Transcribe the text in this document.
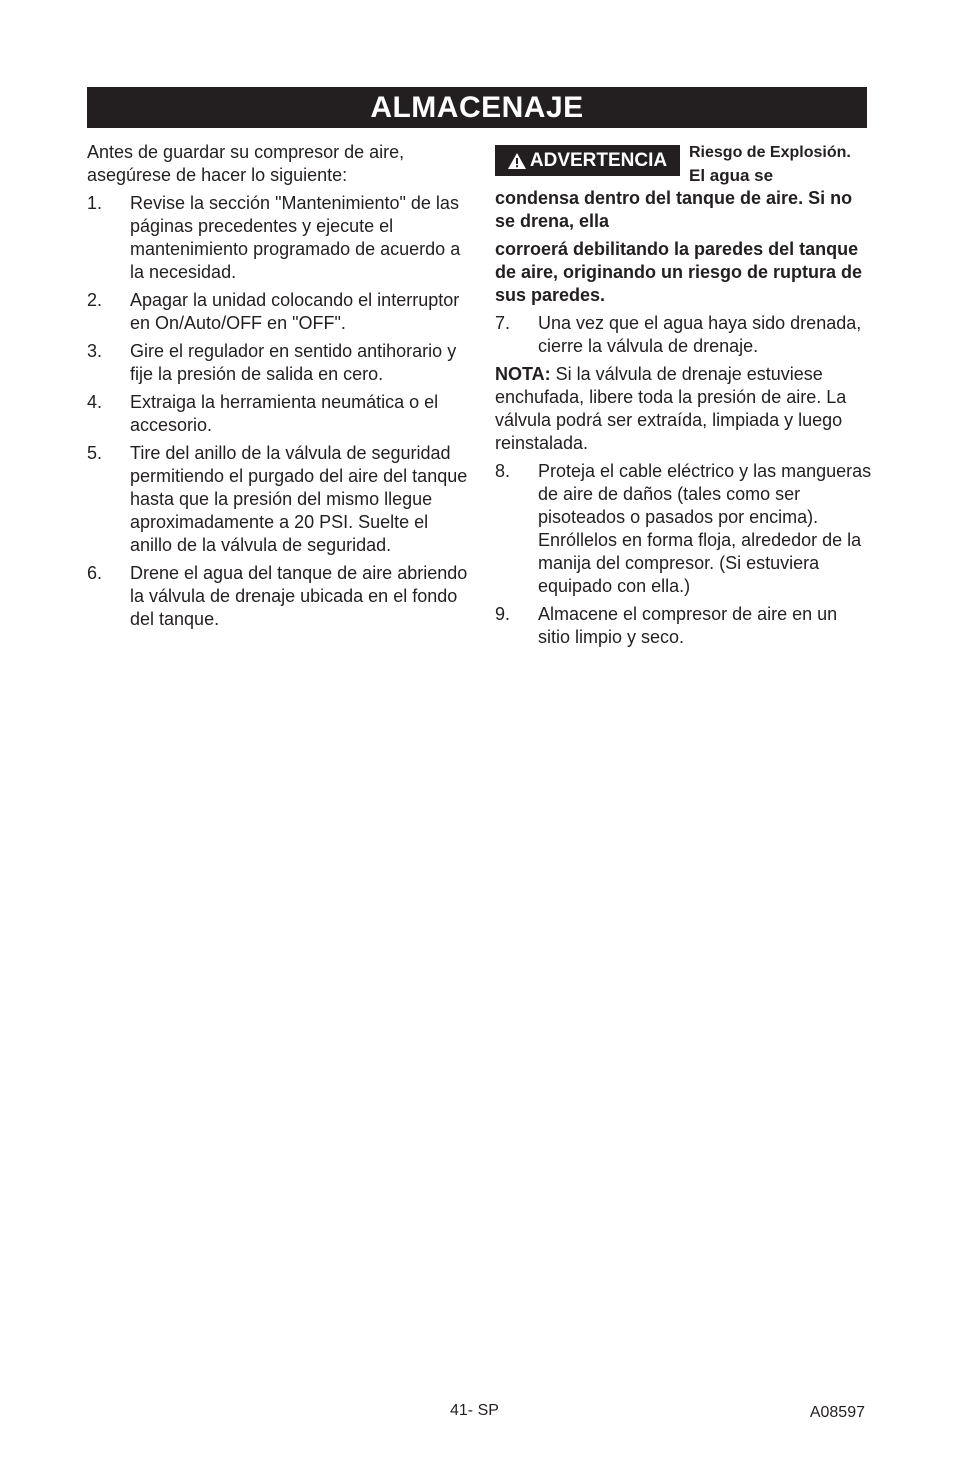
ALMACENAJE

Antes de guardar su compresor de aire, asegúrese de hacer lo siguiente:

1.	Revise la sección "Mantenimiento" de las páginas precedentes y ejecute el mantenimiento programado de acuerdo a la necesidad.
2.	Apagar la unidad colocando el interruptor en On/Auto/OFF en "OFF".
3.	Gire el regulador en sentido antihorario y fije la presión de salida en cero.
4.	Extraiga la herramienta neumática o el accesorio.
5.	Tire del anillo de la válvula de seguridad permitiendo el purgado del aire del tanque hasta que la presión del mismo llegue aproximadamente a 20 PSI. Suelte el anillo de la válvula de seguridad.
6.	Drene el agua del tanque de aire abriendo la válvula de drenaje ubicada en el fondo del tanque.
ADVERTENCIA Riesgo de Explosión.
El agua se

condensa dentro del tanque de aire. Si no se drena, ella

corroerá debilitando la paredes del tanque de aire, originando un riesgo de ruptura de sus paredes.

7.	Una vez que el agua haya sido drenada, cierre la válvula de drenaje.

NOTA: Si la válvula de drenaje estuviese enchufada, libere toda la presión de aire. La válvula podrá ser extraída, limpiada y luego reinstalada.

8.	Proteja el cable eléctrico y las mangueras de aire de daños (tales como ser pisoteados o pasados por encima). Enróllelos en forma floja, alrededor de la manija del compresor. (Si estuviera equipado con ella.)
9.	Almacene el compresor de aire en un sitio limpio y seco.
41- SP	A08597
